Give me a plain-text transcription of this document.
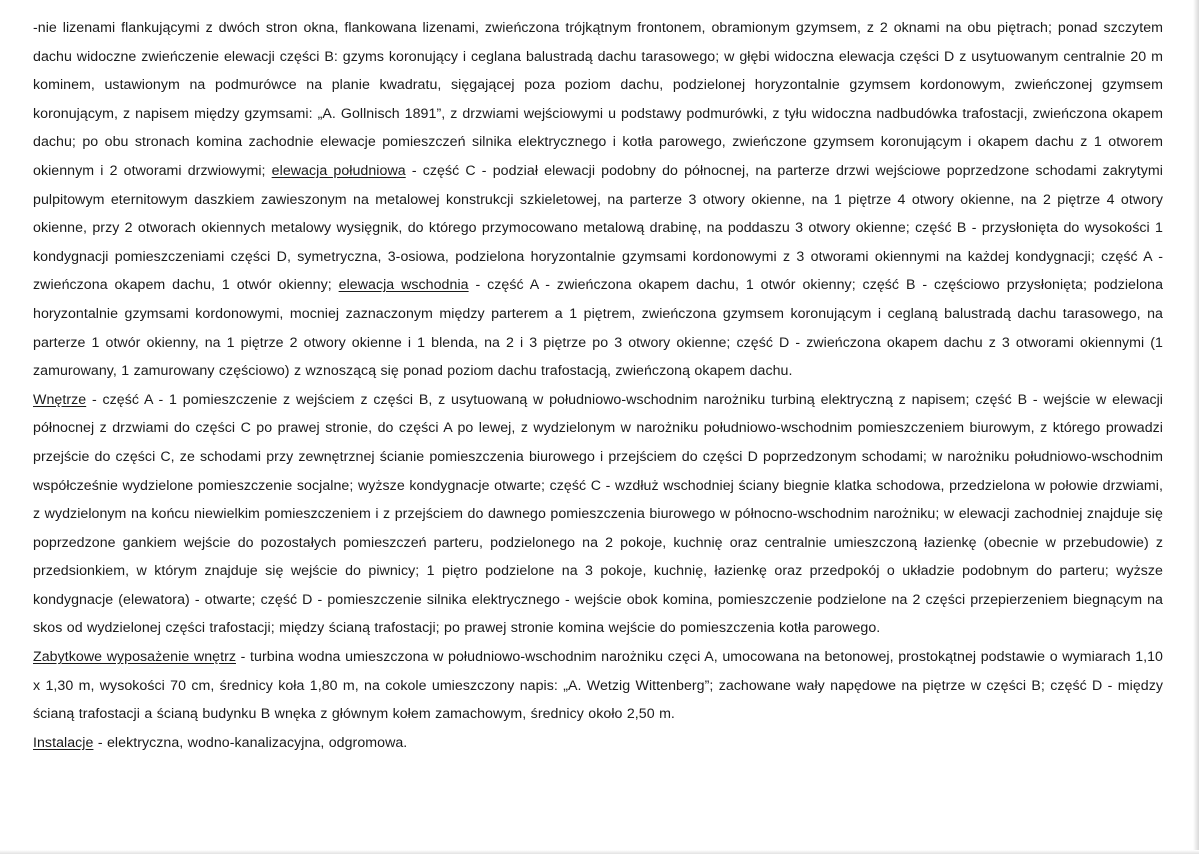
-nie lizenami flankującymi z dwóch stron okna, flankowana lizenami, zwieńczona trójkątnym frontonem, obramionym gzymsem, z 2 oknami na obu piętrach; ponad szczytem dachu widoczne zwieńczenie elewacji części B: gzyms koronujący i ceglana balustradą dachu tarasowego; w głębi widoczna elewacja części D z usytuowanym centralnie 20 m kominem, ustawionym na podmurówce na planie kwadratu, sięgającej poza poziom dachu, podzielonej horyzontalnie gzymsem kordonowym, zwieńczonej gzymsem koronującym, z napisem między gzymsami: „A. Gollnisch 1891”, z drzwiami wejściowymi u podstawy podmurówki, z tyłu widoczna nadbudówka trafostacji, zwieńczona okapem dachu; po obu stronach komina zachodnie elewacje pomieszczeń silnika elektrycznego i kotła parowego, zwieńczone gzymsem koronującym i okapem dachu z 1 otworem okiennym i 2 otworami drzwiowymi; elewacja południowa - część C - podział elewacji podobny do północnej, na parterze drzwi wejściowe poprzedzone schodami zakrytymi pulpitowym eternitowym daszkiem zawieszonym na metalowej konstrukcji szkieletowej, na parterze 3 otwory okienne, na 1 piętrze 4 otwory okienne, na 2 piętrze 4 otwory okienne, przy 2 otworach okiennych metalowy wysięgnik, do którego przymocowano metalową drabinę, na poddaszu 3 otwory okienne; część B - przysłonięta do wysokości 1 kondygnacji pomieszczeniami części D, symetryczna, 3-osiowa, podzielona horyzontalnie gzymsami kordonowymi z 3 otworami okiennymi na każdej kondygnacji; część A - zwieńczona okapem dachu, 1 otwór okienny; elewacja wschodnia - część A - zwieńczona okapem dachu, 1 otwór okienny; część B - częściowo przysłonięta; podzielona horyzontalnie gzymsami kordonowymi, mocniej zaznaczonym między parterem a 1 piętrem, zwieńczona gzymsem koronującym i ceglaną balustradą dachu tarasowego, na parterze 1 otwór okienny, na 1 piętrze 2 otwory okienne i 1 blenda, na 2 i 3 piętrze po 3 otwory okienne; część D - zwieńczona okapem dachu z 3 otworami okiennymi (1 zamurowany, 1 zamurowany częściowo) z wznoszącą się ponad poziom dachu trafostacją, zwieńczoną okapem dachu.

Wnętrze - część A - 1 pomieszczenie z wejściem z części B, z usytuowaną w południowo-wschodnim narożniku turbiną elektryczną z napisem; część B - wejście w elewacji północnej z drzwiami do części C po prawej stronie, do części A po lewej, z wydzielonym w narożniku południowo-wschodnim pomieszczeniem biurowym, z którego prowadzi przejście do części C, ze schodami przy zewnętrznej ścianie pomieszczenia biurowego i przejściem do części D poprzedzonym schodami; w narożniku południowo-wschodnim współcześnie wydzielone pomieszczenie socjalne; wyższe kondygnacje otwarte; część C - wzdłuż wschodniej ściany biegnie klatka schodowa, przedzielona w połowie drzwiami, z wydzielonym na końcu niewielkim pomieszczeniem i z przejściem do dawnego pomieszczenia biurowego w północno-wschodnim narożniku; w elewacji zachodniej znajduje się poprzedzone gankiem wejście do pozostałych pomieszczeń parteru, podzielonego na 2 pokoje, kuchnię oraz centralnie umieszczoną łazienkę (obecnie w przebudowie) z przedsionkiem, w którym znajduje się wejście do piwnicy; 1 piętro podzielone na 3 pokoje, kuchnię, łazienkę oraz przedpokój o układzie podobnym do parteru; wyższe kondygnacje (elewatora) - otwarte; część D - pomieszczenie silnika elektrycznego - wejście obok komina, pomieszczenie podzielone na 2 części przepierzeniem biegnącym na skos od wydzielonej części trafostacji; między ścianą trafostacji; po prawej stronie komina wejście do pomieszczenia kotła parowego.

Zabytkowe wyposażenie wnętrz - turbina wodna umieszczona w południowo-wschodnim narożniku częci A, umocowana na betonowej, prostokątnej podstawie o wymiarach 1,10 x 1,30 m, wysokości 70 cm, średnicy koła 1,80 m, na cokole umieszczony napis: „A. Wetzig Wittenberg”; zachowane wały napędowe na piętrze w części B; część D - między ścianą trafostacji a ścianą budynku B wnęka z głównym kołem zamachowym, średnicy około 2,50 m.

Instalacje - elektryczna, wodno-kanalizacyjna, odgromowa.
